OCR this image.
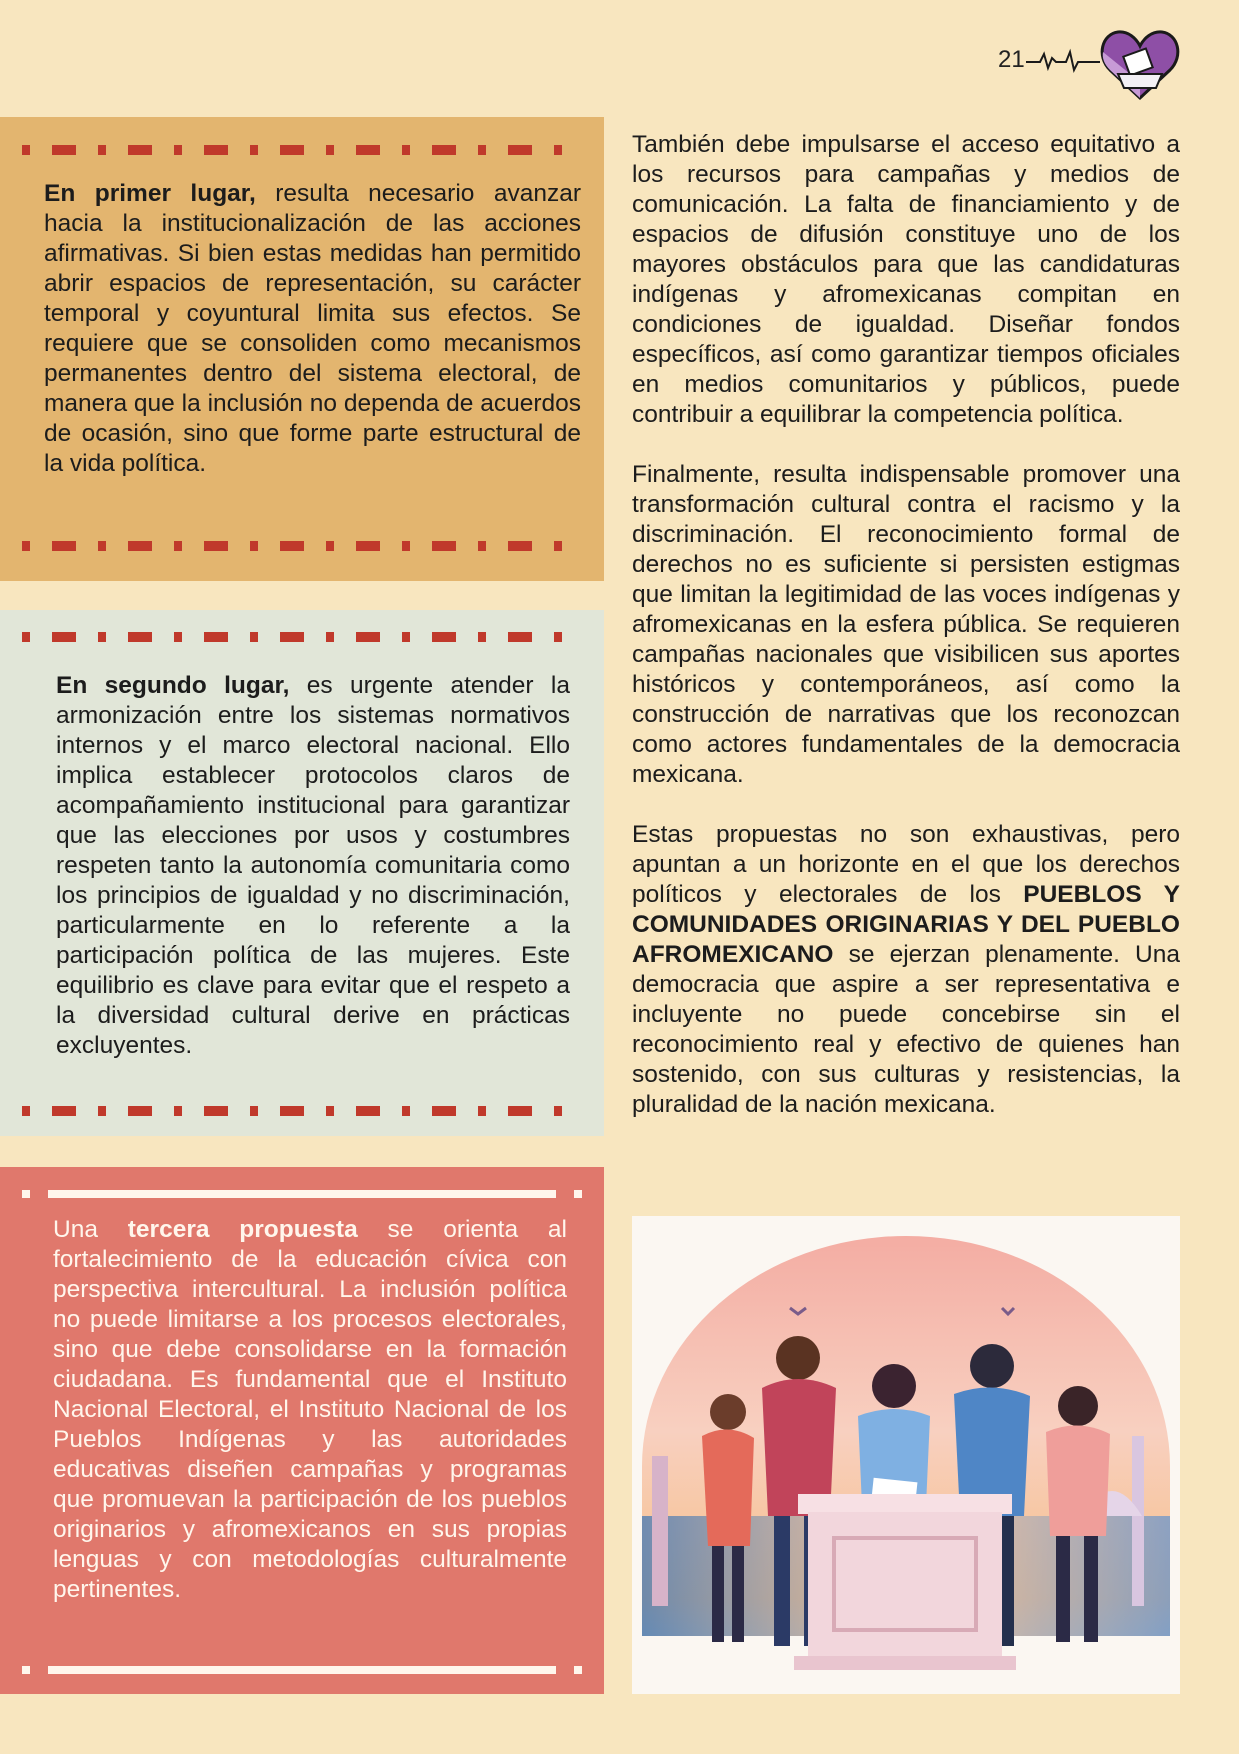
21

En primer lugar, resulta necesario avanzar hacia la institucionalización de las acciones afirmativas. Si bien estas medidas han permitido abrir espacios de representación, su carácter temporal y coyuntural limita sus efectos. Se requiere que se consoliden como mecanismos permanentes dentro del sistema electoral, de manera que la inclusión no dependa de acuerdos de ocasión, sino que forme parte estructural de la vida política.

En segundo lugar, es urgente atender la armonización entre los sistemas normativos internos y el marco electoral nacional. Ello implica establecer protocolos claros de acompañamiento institucional para garantizar que las elecciones por usos y costumbres respeten tanto la autonomía comunitaria como los principios de igualdad y no discriminación, particularmente en lo referente a la participación política de las mujeres. Este equilibrio es clave para evitar que el respeto a la diversidad cultural derive en prácticas excluyentes.

Una tercera propuesta se orienta al fortalecimiento de la educación cívica con perspectiva intercultural. La inclusión política no puede limitarse a los procesos electorales, sino que debe consolidarse en la formación ciudadana. Es fundamental que el Instituto Nacional Electoral, el Instituto Nacional de los Pueblos Indígenas y las autoridades educativas diseñen campañas y programas que promuevan la participación de los pueblos originarios y afromexicanos en sus propias lenguas y con metodologías culturalmente pertinentes.

También debe impulsarse el acceso equitativo a los recursos para campañas y medios de comunicación. La falta de financiamiento y de espacios de difusión constituye uno de los mayores obstáculos para que las candidaturas indígenas y afromexicanas compitan en condiciones de igualdad. Diseñar fondos específicos, así como garantizar tiempos oficiales en medios comunitarios y públicos, puede contribuir a equilibrar la competencia política.

Finalmente, resulta indispensable promover una transformación cultural contra el racismo y la discriminación. El reconocimiento formal de derechos no es suficiente si persisten estigmas que limitan la legitimidad de las voces indígenas y afromexicanas en la esfera pública. Se requieren campañas nacionales que visibilicen sus aportes históricos y contemporáneos, así como la construcción de narrativas que los reconozcan como actores fundamentales de la democracia mexicana.

Estas propuestas no son exhaustivas, pero apuntan a un horizonte en el que los derechos políticos y electorales de los PUEBLOS Y COMUNIDADES ORIGINARIAS Y DEL PUEBLO AFROMEXICANO se ejerzan plenamente. Una democracia que aspire a ser representativa e incluyente no puede concebirse sin el reconocimiento real y efectivo de quienes han sostenido, con sus culturas y resistencias, la pluralidad de la nación mexicana.
